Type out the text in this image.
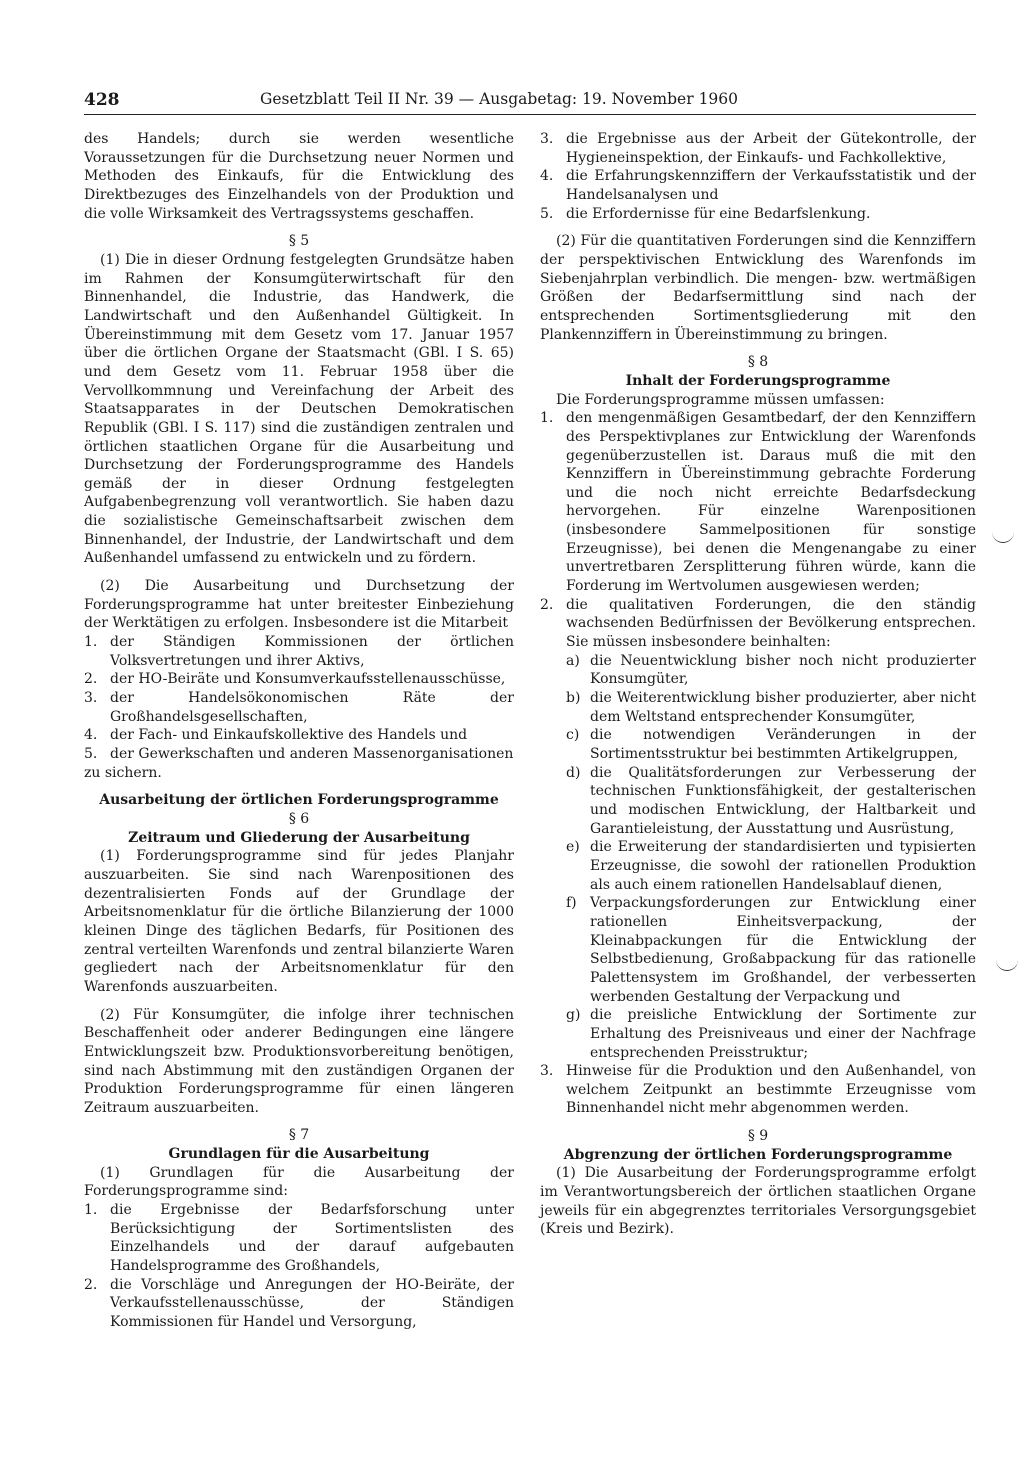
428	Gesetzblatt Teil II Nr. 39 — Ausgabetag: 19. November 1960

des Handels; durch sie werden wesentliche Voraussetzungen für die Durchsetzung neuer Normen und Methoden des Einkaufs, für die Entwicklung des Direktbezuges des Einzelhandels von der Produktion und die volle Wirksamkeit des Vertragssystems geschaffen.

§ 5

(1) Die in dieser Ordnung festgelegten Grundsätze haben im Rahmen der Konsumgüterwirtschaft für den Binnenhandel, die Industrie, das Handwerk, die Landwirtschaft und den Außenhandel Gültigkeit. In Übereinstimmung mit dem Gesetz vom 17. Januar 1957 über die örtlichen Organe der Staatsmacht (GBl. I S. 65) und dem Gesetz vom 11. Februar 1958 über die Vervollkommnung und Vereinfachung der Arbeit des Staatsapparates in der Deutschen Demokratischen Republik (GBl. I S. 117) sind die zuständigen zentralen und örtlichen staatlichen Organe für die Ausarbeitung und Durchsetzung der Forderungsprogramme des Handels gemäß der in dieser Ordnung festgelegten Aufgabenbegrenzung voll verantwortlich. Sie haben dazu die sozialistische Gemeinschaftsarbeit zwischen dem Binnenhandel, der Industrie, der Landwirtschaft und dem Außenhandel umfassend zu entwickeln und zu fördern.

(2) Die Ausarbeitung und Durchsetzung der Forderungsprogramme hat unter breitester Einbeziehung der Werktätigen zu erfolgen. Insbesondere ist die Mitarbeit

1. der Ständigen Kommissionen der örtlichen Volksvertretungen und ihrer Aktivs,
2. der HO-Beiräte und Konsumverkaufsstellenausschüsse,
3. der Handelsökonomischen Räte der Großhandelsgesellschaften,
4. der Fach- und Einkaufskollektive des Handels und
5. der Gewerkschaften und anderen Massenorganisationen

zu sichern.

Ausarbeitung der örtlichen Forderungsprogramme

§ 6

Zeitraum und Gliederung der Ausarbeitung

(1) Forderungsprogramme sind für jedes Planjahr auszuarbeiten. Sie sind nach Warenpositionen des dezentralisierten Fonds auf der Grundlage der Arbeitsnomenklatur für die örtliche Bilanzierung der 1000 kleinen Dinge des täglichen Bedarfs, für Positionen des zentral verteilten Warenfonds und zentral bilanzierte Waren gegliedert nach der Arbeitsnomenklatur für den Warenfonds auszuarbeiten.

(2) Für Konsumgüter, die infolge ihrer technischen Beschaffenheit oder anderer Bedingungen eine längere Entwicklungszeit bzw. Produktionsvorbereitung benötigen, sind nach Abstimmung mit den zuständigen Organen der Produktion Forderungsprogramme für einen längeren Zeitraum auszuarbeiten.

§ 7

Grundlagen für die Ausarbeitung

(1) Grundlagen für die Ausarbeitung der Forderungsprogramme sind:

1. die Ergebnisse der Bedarfsforschung unter Berücksichtigung der Sortimentslisten des Einzelhandels und der darauf aufgebauten Handelsprogramme des Großhandels,
2. die Vorschläge und Anregungen der HO-Beiräte, der Verkaufsstellenausschüsse, der Ständigen Kommissionen für Handel und Versorgung,
3. die Ergebnisse aus der Arbeit der Gütekontrolle, der Hygieneinspektion, der Einkaufs- und Fachkollektive,
4. die Erfahrungskennziffern der Verkaufsstatistik und der Handelsanalysen und
5. die Erfordernisse für eine Bedarfslenkung.

(2) Für die quantitativen Forderungen sind die Kennziffern der perspektivischen Entwicklung des Warenfonds im Siebenjahrplan verbindlich. Die mengen- bzw. wertmäßigen Größen der Bedarfsermittlung sind nach der entsprechenden Sortimentsgliederung mit den Plankennziffern in Übereinstimmung zu bringen.

§ 8

Inhalt der Forderungsprogramme

Die Forderungsprogramme müssen umfassen:

1. den mengenmäßigen Gesamtbedarf, der den Kennziffern des Perspektivplanes zur Entwicklung der Warenfonds gegenüberzustellen ist. Daraus muß die mit den Kennziffern in Übereinstimmung gebrachte Forderung und die noch nicht erreichte Bedarfsdeckung hervorgehen. Für einzelne Warenpositionen (insbesondere Sammelpositionen für sonstige Erzeugnisse), bei denen die Mengenangabe zu einer unvertretbaren Zersplitterung führen würde, kann die Forderung im Wertvolumen ausgewiesen werden;
2. die qualitativen Forderungen, die den ständig wachsenden Bedürfnissen der Bevölkerung entsprechen. Sie müssen insbesondere beinhalten:
a) die Neuentwicklung bisher noch nicht produzierter Konsumgüter,
b) die Weiterentwicklung bisher produzierter, aber nicht dem Weltstand entsprechender Konsumgüter,
c) die notwendigen Veränderungen in der Sortimentsstruktur bei bestimmten Artikelgruppen,
d) die Qualitätsforderungen zur Verbesserung der technischen Funktionsfähigkeit, der gestalterischen und modischen Entwicklung, der Haltbarkeit und Garantieleistung, der Ausstattung und Ausrüstung,
e) die Erweiterung der standardisierten und typisierten Erzeugnisse, die sowohl der rationellen Produktion als auch einem rationellen Handelsablauf dienen,
f) Verpackungsforderungen zur Entwicklung einer rationellen Einheitsverpackung, der Kleinabpackungen für die Entwicklung der Selbstbedienung, Großabpackung für das rationelle Palettensystem im Großhandel, der verbesserten werbenden Gestaltung der Verpackung und
g) die preisliche Entwicklung der Sortimente zur Erhaltung des Preisniveaus und einer der Nachfrage entsprechenden Preisstruktur;
3. Hinweise für die Produktion und den Außenhandel, von welchem Zeitpunkt an bestimmte Erzeugnisse vom Binnenhandel nicht mehr abgenommen werden.

§ 9

Abgrenzung der örtlichen Forderungsprogramme

(1) Die Ausarbeitung der Forderungsprogramme erfolgt im Verantwortungsbereich der örtlichen staatlichen Organe jeweils für ein abgegrenztes territoriales Versorgungsgebiet (Kreis und Bezirk).
